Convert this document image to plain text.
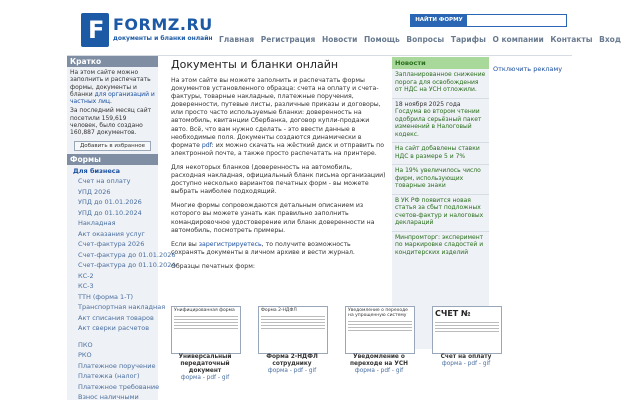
F FORMZ.RU
документы и бланки онлайн
НАЙТИ ФОРМУ
Главная Регистрация Новости Помощь Вопросы Тарифы О компании Контакты Вход
Кратко
На этом сайте можно заполнить и распечатать формы, документы и бланки для организаций и частных лиц.
За последний месяц сайт посетили 159,619 человек, было создано 160,887 документов.
Добавить в избранное
Формы
Для бизнеса
Счет на оплату
УПД 2026
УПД до 01.01.2026
УПД до 01.10.2024
Накладная
Акт оказания услуг
Счет-фактура 2026
Счет-фактура до 01.01.2026
Счет-фактура до 01.10.2024
КС-2
КС-3
ТТН (форма 1-Т)
Транспортная накладная
Акт списания товаров
Акт сверки расчетов
ПКО
РКО
Платежное поручение
Платежка (налог)
Платежное требование
Взнос наличными
Документы и бланки онлайн
На этом сайте вы можете заполнить и распечатать формы документов установленного образца: счета на оплату и счета-фактуры, товарные накладные, платежные поручения, доверенности, путевые листы, различные приказы и договоры, или просто часто используемые бланки: доверенность на автомобиль, квитанции Сбербанка, договор купли-продажи авто. Всё, что вам нужно сделать - это ввести данные в необходимые поля. Документы создаются динамически в формате pdf: их можно скачать на жёсткий диск и отправить по электронной почте, а также просто распечатать на принтере.
Для некоторых бланков (доверенность на автомобиль, расходная накладная, официальный бланк письма организации) доступно несколько вариантов печатных форм - вы можете выбрать наиболее подходящий.
Многие формы сопровождаются детальным описанием из которого вы можете узнать как правильно заполнить командировочное удостоверение или бланк доверенности на автомобиль, посмотреть примеры.
Если вы зарегистрируетесь, то получите возможность сохранять документы в личном архиве и вести журнал.
Образцы печатных форм:
Новости
Запланированное снижение порога для освобождения от НДС на УСН отложили.
18 ноября 2025 года
Госдума во втором чтении одобрила серьёзный пакет изменений в Налоговый кодекс.
На сайт добавлены ставки НДС в размере 5 и 7%
На 19% увеличилось число фирм, использующих товарные знаки
В УК РФ появится новая статья за сбыт подложных счетов-фактур и налоговых деклараций
Минпромторг: эксперимент по маркировке сладостей и кондитерских изделий
Отключить рекламу
Унифицированная форма
Универсальный передаточный документ
форма - pdf - gif
Форма 2-НДФЛ
Форма 2-НДФЛ сотруднику
форма - pdf - gif
Уведомление о переходе на упрощенную систему
Уведомление о переходе на УСН
форма - pdf - gif
СЧЕТ №
Счет на оплату
форма - pdf - gif
